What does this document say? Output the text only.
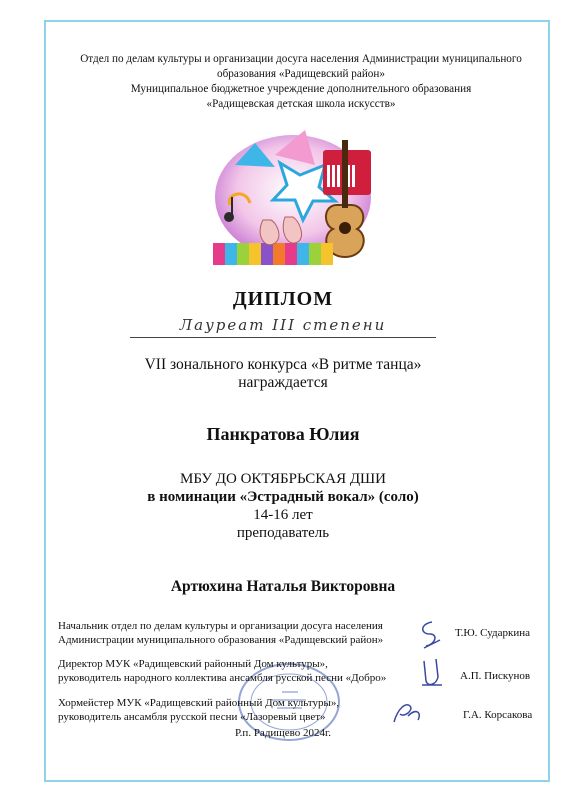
Отдел по делам культуры и организации досуга населения Администрации муниципального
образования «Радищевский район»
Муниципальное бюджетное учреждение дополнительного образования
«Радищевская детская школа искусств»
ДИПЛОМ
Лауреат III степени
VII зонального конкурса «В ритме танца»
награждается
Панкратова Юлия
МБУ ДО ОКТЯБРЬСКАЯ ДШИ
в номинации «Эстрадный вокал» (соло)
14-16 лет
преподаватель
Артюхина Наталья Викторовна
Начальник отдел по делам культуры и организации досуга населения
Администрации муниципального образования «Радищевский район»
Т.Ю. Сударкина
Директор МУК «Радищевский районный Дом культуры»,
руководитель народного коллектива ансамбля русской песни «Добро»	А.П. Пискунов
Хормейстер МУК «Радищевский районный Дом культуры»,
руководитель ансамбля русской песни «Лазоревый цвет»	Г.А. Корсакова
Р.п. Радищево 2024г.
